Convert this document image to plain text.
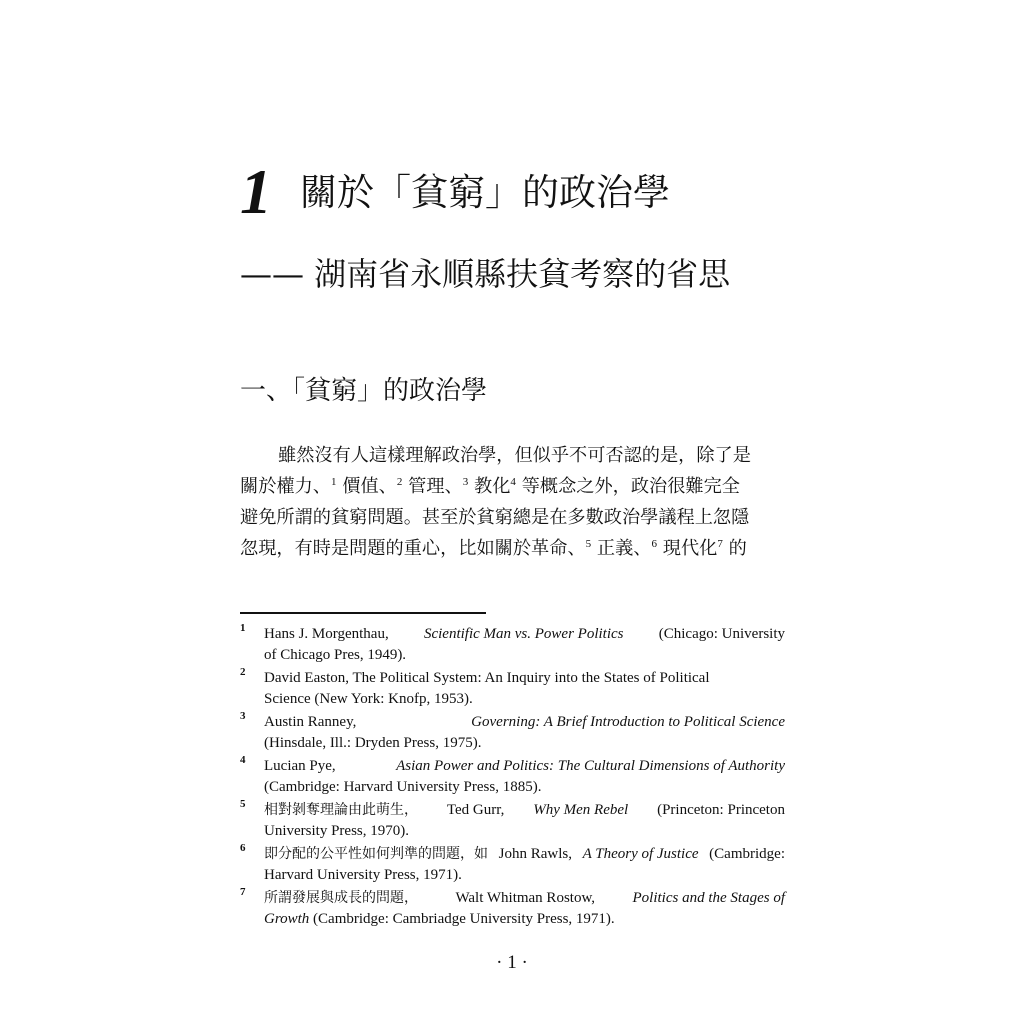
1 關於「貧窮」的政治學
—— 湖南省永順縣扶貧考察的省思
一、「貧窮」的政治學
雖然沒有人這樣理解政治學，但似乎不可否認的是，除了是
關於權力、$^1$ 價值、$^2$ 管理、$^3$ 教化$^4$ 等概念之外，政治很難完全
避免所謂的貧窮問題。甚至於貧窮總是在多數政治學議程上忽隱
忽現，有時是問題的重心，比如關於革命、$^5$ 正義、$^6$ 現代化$^7$ 的
1 Hans J. Morgenthau, Scientific Man vs. Power Politics (Chicago: University
of Chicago Pres, 1949).
2 David Easton, The Political System: An Inquiry into the States of Political
Science (New York: Knofp, 1953).
3 Austin Ranney,	Governing: A Brief Introduction to Political Science
(Hinsdale, Ill.: Dryden Press, 1975).
4 Lucian Pye,	Asian Power and Politics: The Cultural Dimensions of Authority
(Cambridge: Harvard University Press, 1885).
5 相對剝奪理論由此萌生， Ted Gurr, Why Men Rebel (Princeton: Princeton
University Press, 1970).
6 即分配的公平性如何判準的問題，如 John Rawls, A Theory of Justice (Cambridge:
Harvard University Press, 1971).
7 所謂發展與成長的問題， Walt Whitman Rostow, Politics and the Stages of
Growth (Cambridge: Cambriadge University Press, 1971).
· 1 ·
